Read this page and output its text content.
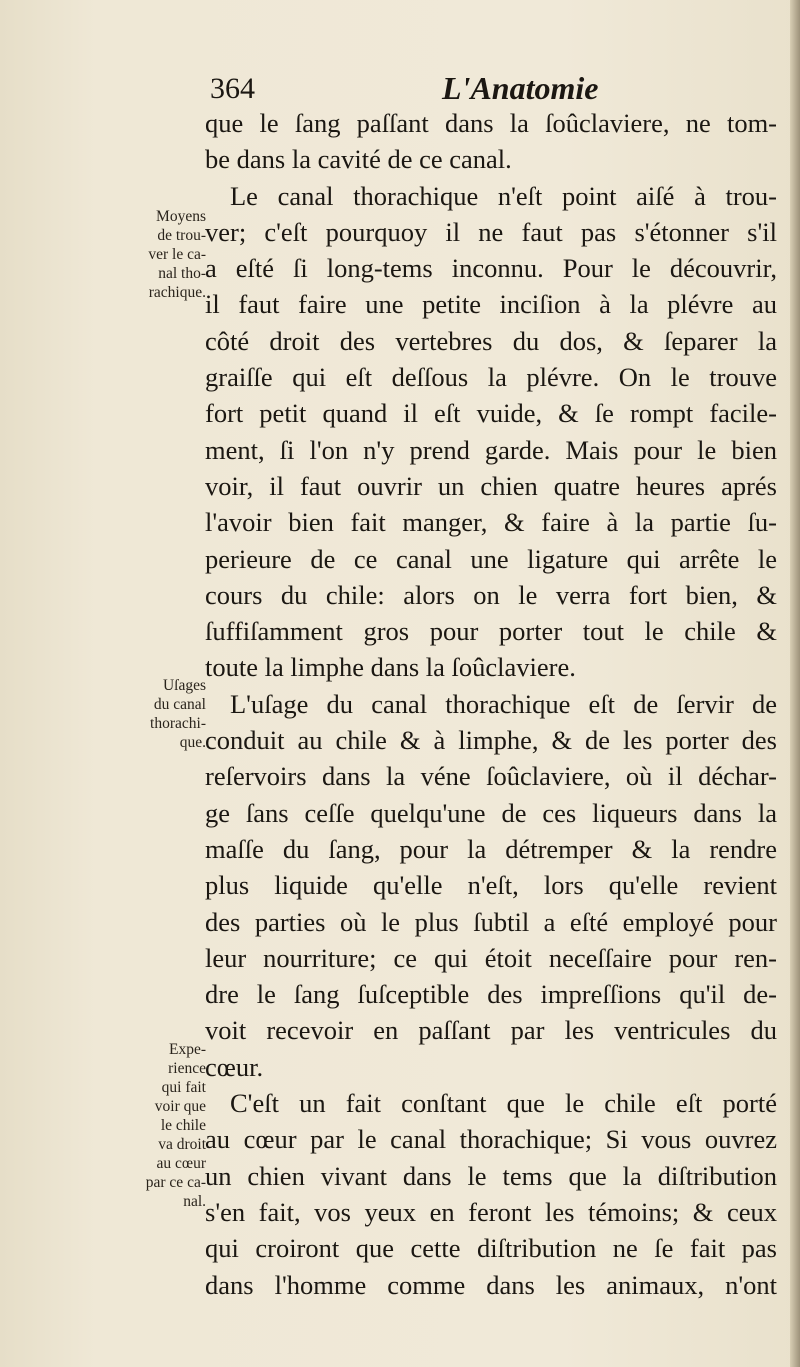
364	L'Anatomie
Moyens
de trou-
ver le ca-
nal tho-
rachique.
Uſages
du canal
thorachi-
que.
Expe-
rience
qui fait
voir que
le chile
va droit
au cœur
par ce ca-
nal.
que le ſang paſſant dans la ſoûclaviere, ne tom-
be dans la cavité de ce canal.
Le canal thorachique n'eſt point aiſé à trou-
ver; c'eſt pourquoy il ne faut pas s'étonner s'il
a eſté ſi long-tems inconnu. Pour le découvrir,
il faut faire une petite inciſion à la plévre au
côté droit des vertebres du dos, & ſeparer la
graiſſe qui eſt deſſous la plévre. On le trouve
fort petit quand il eſt vuide, & ſe rompt facile-
ment, ſi l'on n'y prend garde. Mais pour le bien
voir, il faut ouvrir un chien quatre heures aprés
l'avoir bien fait manger, & faire à la partie ſu-
perieure de ce canal une ligature qui arrête le
cours du chile: alors on le verra fort bien, &
ſuffiſamment gros pour porter tout le chile &
toute la limphe dans la ſoûclaviere.
L'uſage du canal thorachique eſt de ſervir de
conduit au chile & à limphe, & de les porter des
reſervoirs dans la véne ſoûclaviere, où il déchar-
ge ſans ceſſe quelqu'une de ces liqueurs dans la
maſſe du ſang, pour la détremper & la rendre
plus liquide qu'elle n'eſt, lors qu'elle revient
des parties où le plus ſubtil a eſté employé pour
leur nourriture; ce qui étoit neceſſaire pour ren-
dre le ſang ſuſceptible des impreſſions qu'il de-
voit recevoir en paſſant par les ventricules du
cœur.
C'eſt un fait conſtant que le chile eſt porté
au cœur par le canal thorachique; Si vous ouvrez
un chien vivant dans le tems que la diſtribution
s'en fait, vos yeux en feront les témoins; & ceux
qui croiront que cette diſtribution ne ſe fait pas
dans l'homme comme dans les animaux, n'ont
